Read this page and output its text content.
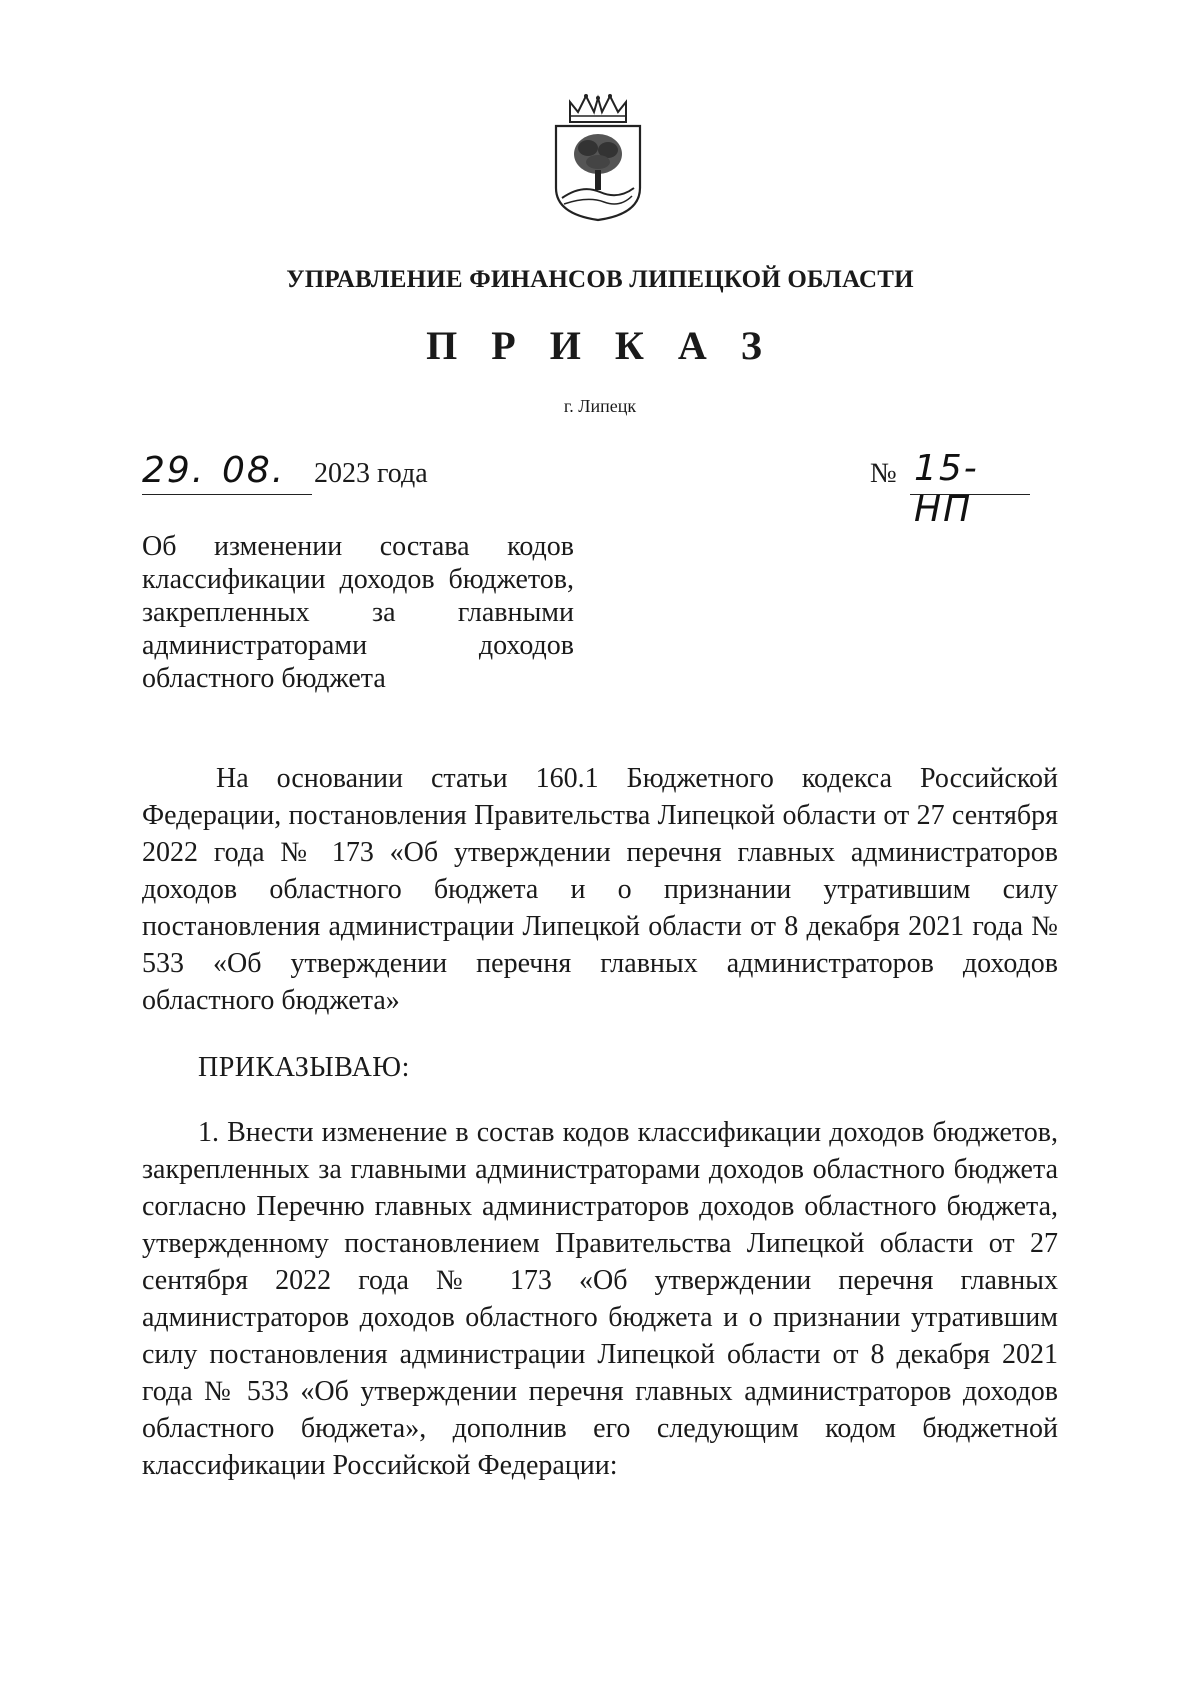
УПРАВЛЕНИЕ ФИНАНСОВ ЛИПЕЦКОЙ ОБЛАСТИ
П Р И К А З
г. Липецк
29. 08. 2023 года	№ 15-НП
Об изменении состава кодов
классификации доходов бюджетов,
закрепленных за главными
администраторами доходов
областного бюджета
На основании статьи 160.1 Бюджетного кодекса Российской Федерации, постановления Правительства Липецкой области от 27 сентября 2022 года № 173 «Об утверждении перечня главных администраторов доходов областного бюджета и о признании утратившим силу постановления администрации Липецкой области от 8 декабря 2021 года № 533 «Об утверждении перечня главных администраторов доходов областного бюджета»
ПРИКАЗЫВАЮ:
1. Внести изменение в состав кодов классификации доходов бюджетов, закрепленных за главными администраторами доходов областного бюджета согласно Перечню главных администраторов доходов областного бюджета, утвержденному постановлением Правительства Липецкой области от 27 сентября 2022 года № 173 «Об утверждении перечня главных администраторов доходов областного бюджета и о признании утратившим силу постановления администрации Липецкой области от 8 декабря 2021 года № 533 «Об утверждении перечня главных администраторов доходов областного бюджета», дополнив его следующим кодом бюджетной классификации Российской Федерации:
